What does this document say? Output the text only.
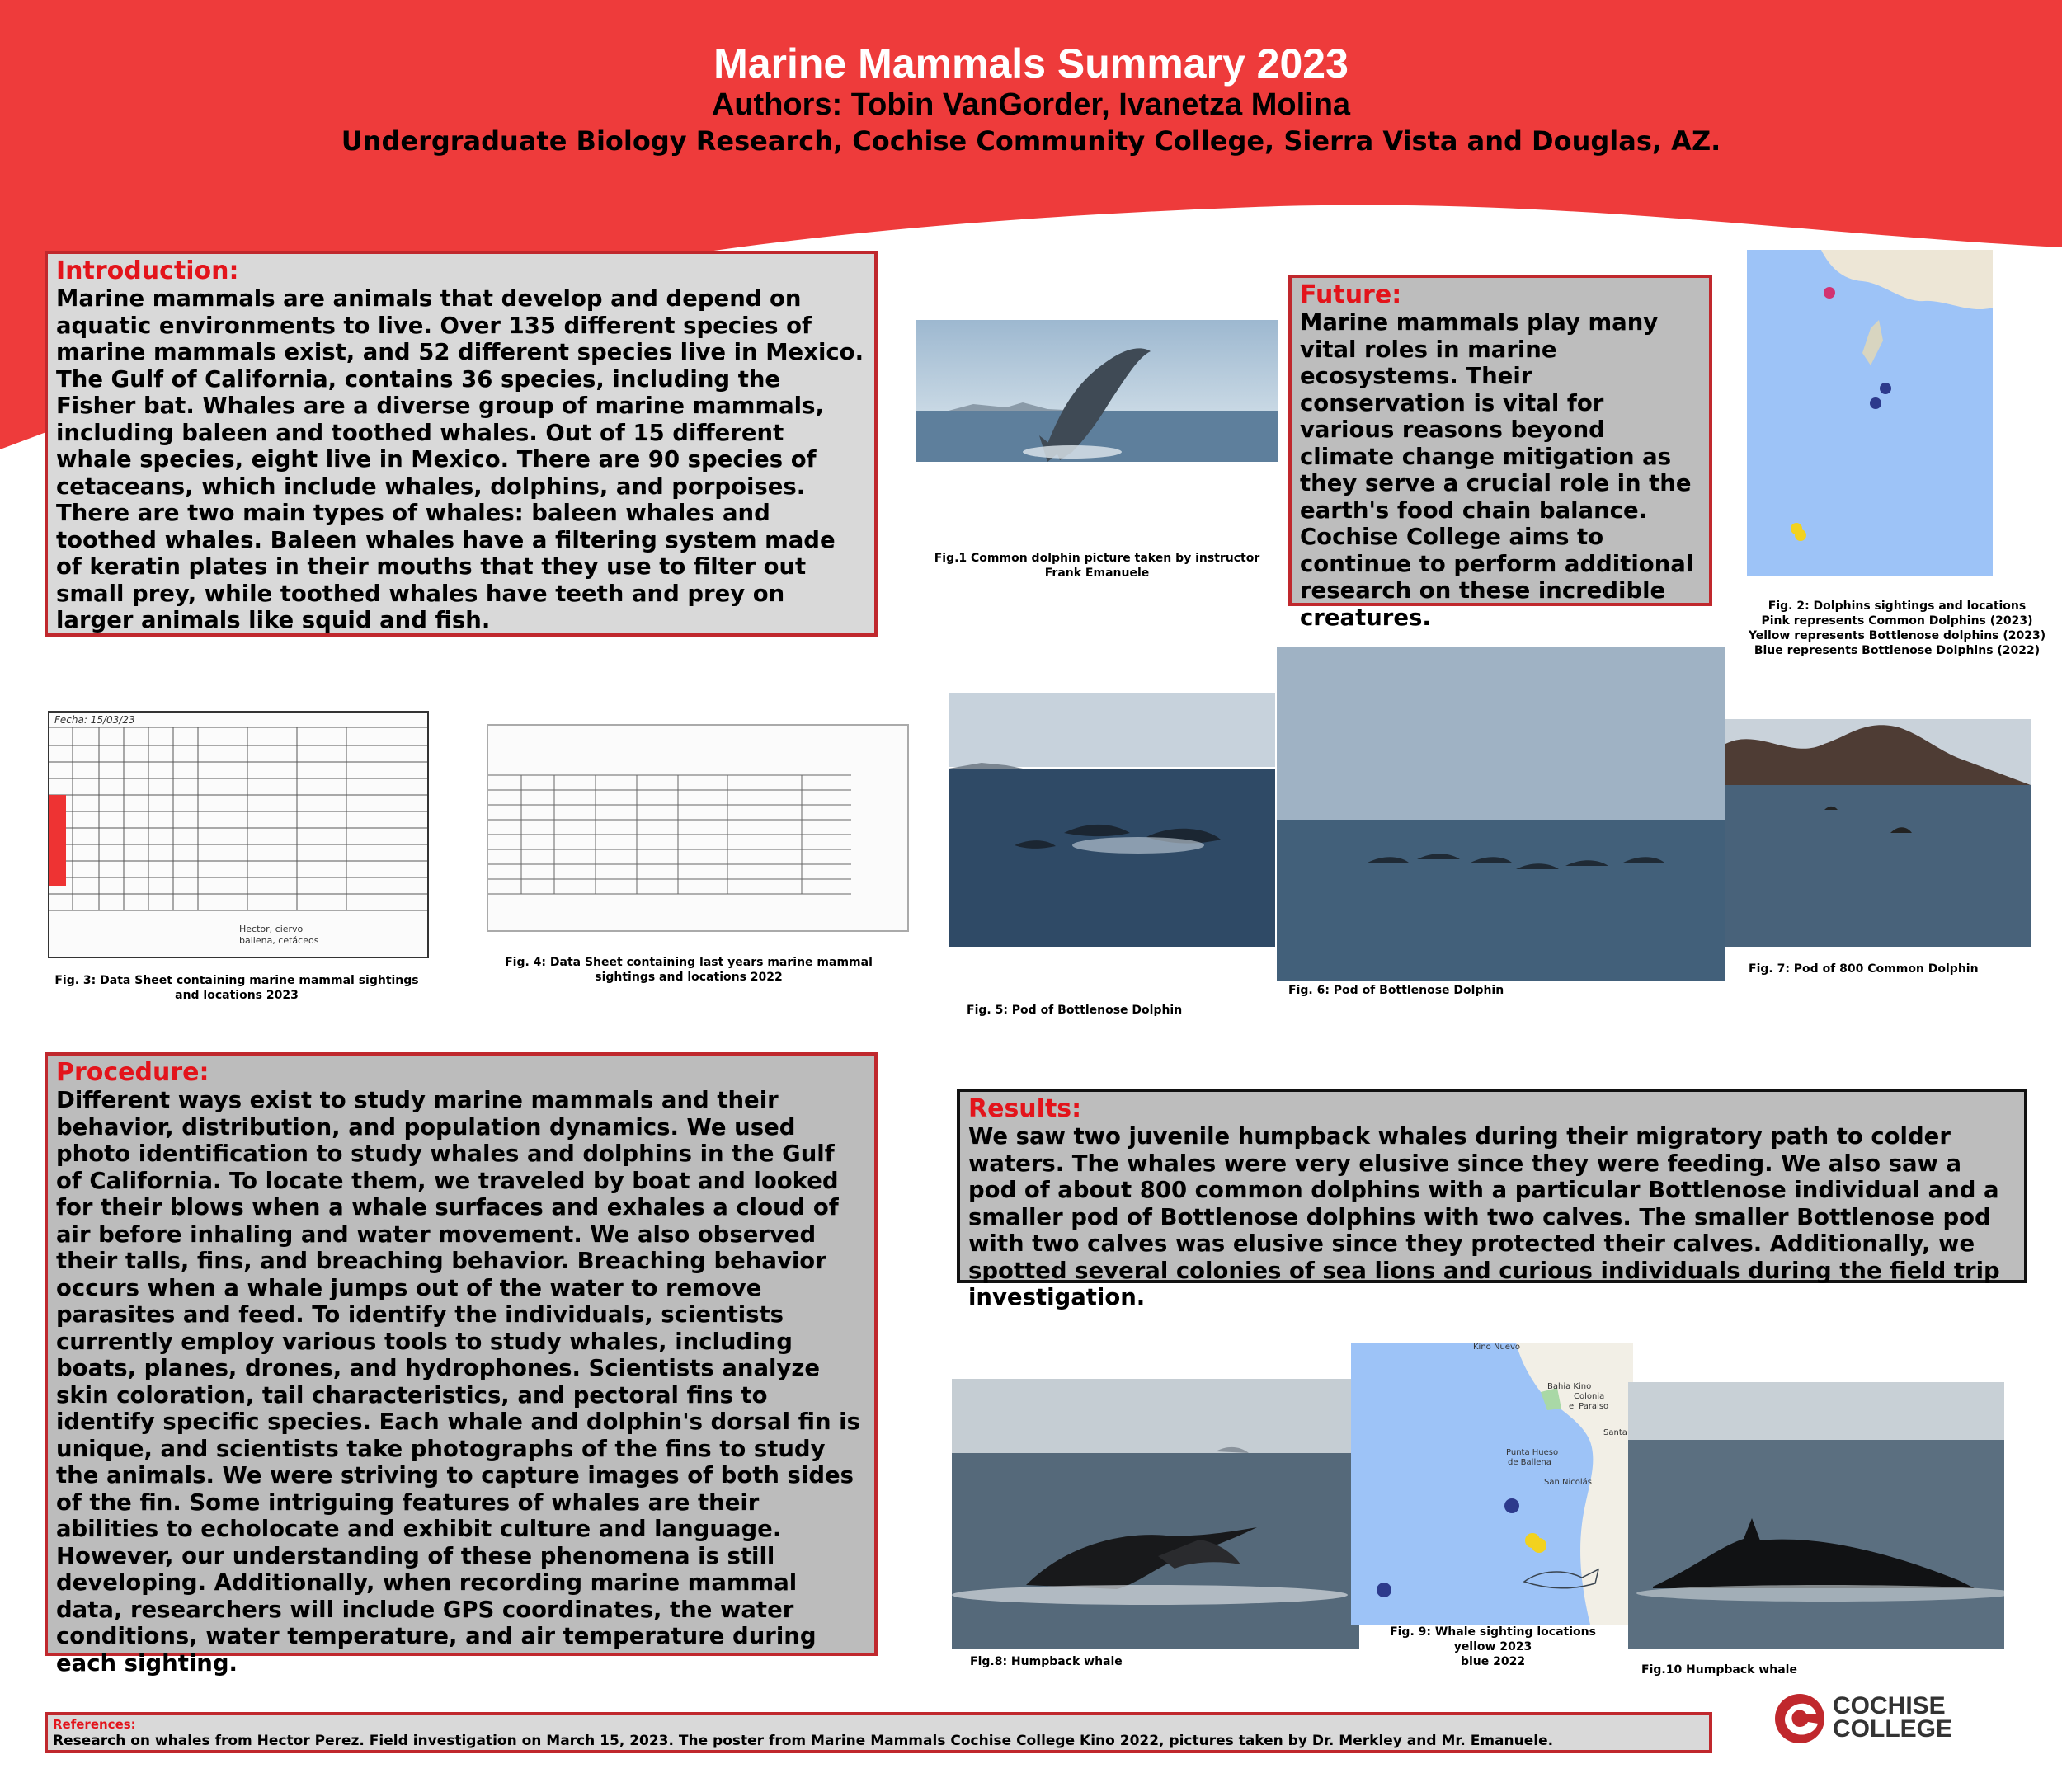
Marine Mammals Summary 2023
Authors: Tobin VanGorder, Ivanetza Molina
Undergraduate Biology Research, Cochise Community College, Sierra Vista and Douglas, AZ.
Introduction:
Marine mammals are animals that develop and depend on aquatic environments to live. Over 135 different species of marine mammals exist, and 52 different species live in Mexico. The Gulf of California, contains 36 species, including the Fisher bat. Whales are a diverse group of marine mammals, including baleen and toothed whales. Out of 15 different whale species, eight live in Mexico. There are 90 species of cetaceans, which include whales, dolphins, and porpoises. There are two main types of whales: baleen whales and toothed whales. Baleen whales have a filtering system made of keratin plates in their mouths that they use to filter out small prey, while toothed whales have teeth and prey on larger animals like squid and fish.
Fig.1 Common dolphin picture taken by instructor Frank Emanuele
Future:
Marine mammals play many vital roles in marine ecosystems. Their conservation is vital for various reasons beyond climate change mitigation as they serve a crucial role in the earth's food chain balance. Cochise College aims to continue to perform additional research on these incredible creatures.	Fig. 2: Dolphins sightings and locations
Pink represents Common Dolphins (2023)
Yellow represents Bottlenose dolphins (2023)
Blue represents Bottlenose Dolphins (2022)
Fecha: 15/03/23
Hector, ciervo
ballena, cetáceos
Fig. 3: Data Sheet containing marine mammal sightings and locations 2023
Fig. 4: Data Sheet containing last years marine mammal sightings and locations 2022
Fig. 5: Pod of Bottlenose Dolphin
Fig. 6: Pod of Bottlenose Dolphin
Fig. 7: Pod of 800 Common Dolphin
Procedure:
Different ways exist to study marine mammals and their behavior, distribution, and population dynamics. We used photo identification to study whales and dolphins in the Gulf of California. To locate them, we traveled by boat and looked for their blows when a whale surfaces and exhales a cloud of air before inhaling and water movement. We also observed their talls, fins, and breaching behavior. Breaching behavior occurs when a whale jumps out of the water to remove parasites and feed. To identify the individuals, scientists currently employ various tools to study whales, including boats, planes, drones, and hydrophones. Scientists analyze skin coloration, tail characteristics, and pectoral fins to identify specific species. Each whale and dolphin's dorsal fin is unique, and scientists take photographs of the fins to study the animals. We were striving to capture images of both sides of the fin. Some intriguing features of whales are their abilities to echolocate and exhibit culture and language. However, our understanding of these phenomena is still developing. Additionally, when recording marine mammal data, researchers will include GPS coordinates, the water conditions, water temperature, and air temperature during each sighting.
Results:
We saw two juvenile humpback whales during their migratory path to colder waters. The whales were very elusive since they were feeding. We also saw a pod of about 800 common dolphins with a particular Bottlenose individual and a smaller pod of Bottlenose dolphins with two calves. The smaller Bottlenose pod with two calves was elusive since they protected their calves. Additionally, we spotted several colonies of sea lions and curious individuals during the field trip investigation.
Fig.8: Humpback whale
Kino Nuevo
Bahia Kino
Colonia
el Paraiso
Santa
Punta Hueso
de Ballena
San Nicolás
Fig. 9: Whale sighting locations
yellow 2023
blue 2022
Fig.10 Humpback whale
References:
Research on whales from Hector Perez. Field investigation on March 15, 2023. The poster from Marine Mammals Cochise College Kino 2022, pictures taken by Dr. Merkley and Mr. Emanuele.
COCHISE
COLLEGE
